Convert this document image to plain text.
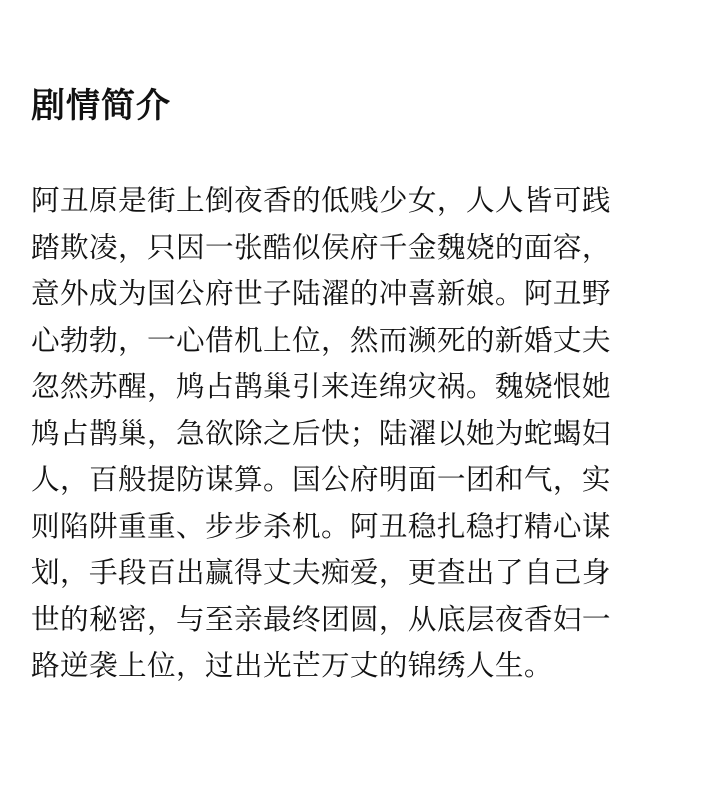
剧情简介

阿丑原是街上倒夜香的低贱少女，人人皆可践
踏欺凌，只因一张酷似侯府千金魏娆的面容，
意外成为国公府世子陆濯的冲喜新娘。阿丑野
心勃勃，一心借机上位，然而濒死的新婚丈夫
忽然苏醒，鸠占鹊巢引来连绵灾祸。魏娆恨她
鸠占鹊巢，急欲除之后快；陆濯以她为蛇蝎妇
人，百般提防谋算。国公府明面一团和气，实
则陷阱重重、步步杀机。阿丑稳扎稳打精心谋
划，手段百出赢得丈夫痴爱，更查出了自己身
世的秘密，与至亲最终团圆，从底层夜香妇一
路逆袭上位，过出光芒万丈的锦绣人生。
